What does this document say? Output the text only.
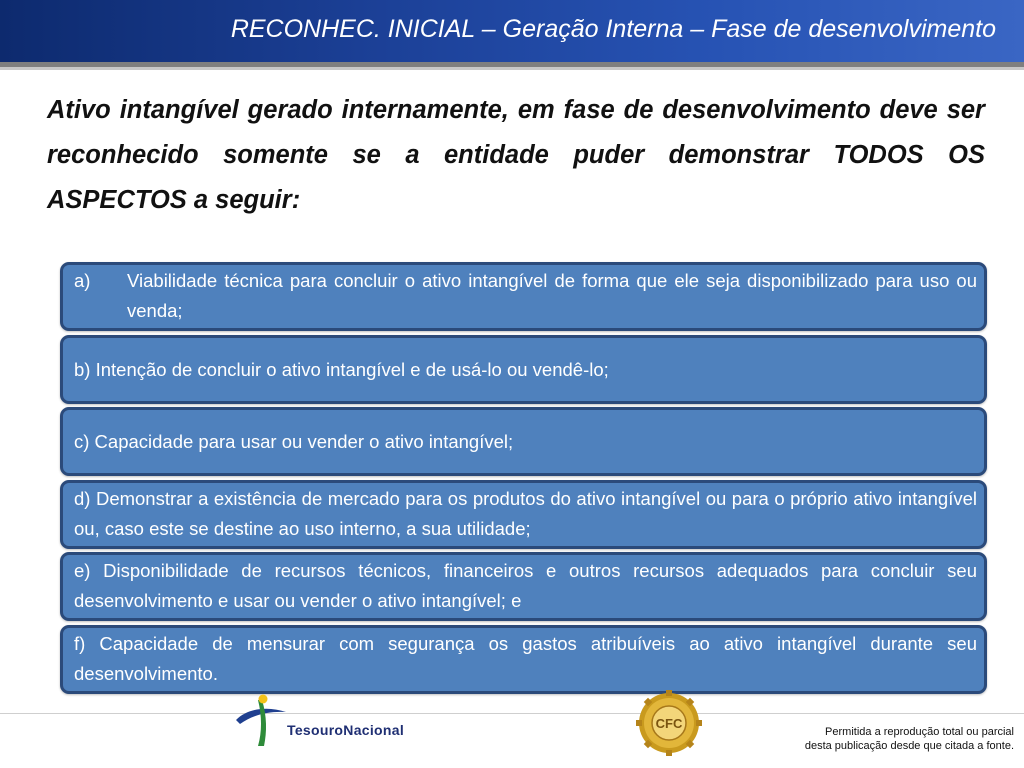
RECONHEC. INICIAL – Geração Interna – Fase de desenvolvimento
Ativo intangível gerado internamente, em fase de desenvolvimento deve ser reconhecido somente se a entidade puder demonstrar TODOS OS ASPECTOS a seguir:
a) Viabilidade técnica para concluir o ativo intangível de forma que ele seja disponibilizado para uso ou venda;
b) Intenção de concluir o ativo intangível e de usá-lo ou vendê-lo;
c) Capacidade para usar ou vender o ativo intangível;
d) Demonstrar a existência de mercado para os produtos do ativo intangível ou para o próprio ativo intangível ou, caso este se destine ao uso interno, a sua utilidade;
e) Disponibilidade de recursos técnicos, financeiros e outros recursos adequados para concluir seu desenvolvimento e usar ou vender o ativo intangível; e
f) Capacidade de mensurar com segurança os gastos atribuíveis ao ativo intangível durante seu desenvolvimento.
TesouroNacional	CFC
Permitida a reprodução total ou parcial
desta publicação desde que citada a fonte.
